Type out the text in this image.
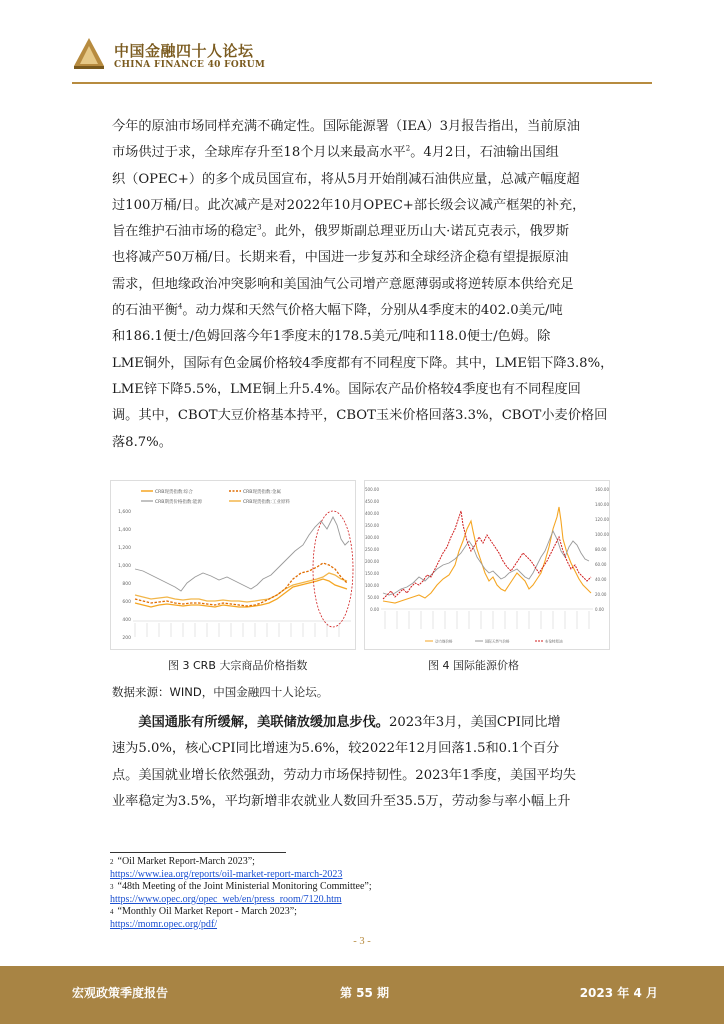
中国金融四十人论坛
CHINA FINANCE 40 FORUM

今年的原油市场同样充满不确定性。国际能源署（IEA）3月报告指出，当前原油

市场供过于求，全球库存升至18个月以来最高水平$^2$。4月2日，石油输出国组

织（OPEC+）的多个成员国宣布，将从5月开始削减石油供应量，总减产幅度超

过100万桶/日。此次减产是对2022年10月OPEC+部长级会议减产框架的补充，

旨在维护石油市场的稳定$^3$。此外，俄罗斯副总理亚历山大·诺瓦克表示，俄罗斯

也将减产50万桶/日。长期来看，中国进一步复苏和全球经济企稳有望提振原油

需求，但地缘政治冲突影响和美国油气公司增产意愿薄弱或将逆转原本供给充足

的石油平衡$^4$。动力煤和天然气价格大幅下降，分别从4季度末的402.0美元/吨

和186.1便士/色姆回落今年1季度末的178.5美元/吨和118.0便士/色姆。除

LME铜外，国际有色金属价格较4季度都有不同程度下降。其中，LME铝下降3.8%，

LME锌下降5.5%，LME铜上升5.4%。国际农产品价格较4季度也有不同程度回

调。其中，CBOT大豆价格基本持平，CBOT玉米价格回落3.3%，CBOT小麦价格回

落8.7%。

CRB现货指数:综合	CRB现货指数:金属
CRB期货价格指数:能源	CRB现货指数:工业原料
1,600
1,400
1,200
1,000
800
600
400
200
500.00
450.00
400.00
350.00
300.00
250.00
200.00
150.00
100.00
50.00
0.00
160.00
140.00
120.00
100.00
80.00
60.00
40.00
20.00
0.00
动力煤价格	国际天然气价格	布伦特原油
图 3 CRB 大宗商品价格指数	图 4 国际能源价格
数据来源：WIND，中国金融四十人论坛。

美国通胀有所缓解，美联储放缓加息步伐。2023年3月，美国CPI同比增

速为5.0%，核心CPI同比增速为5.6%，较2022年12月回落1.5和0.1个百分

点。美国就业增长依然强劲，劳动力市场保持韧性。2023年1季度，美国平均失

业率稳定为3.5%，平均新增非农就业人数回升至35.5万，劳动参与率小幅上升

$^2$ “Oil Market Report-March 2023”;
https://www.iea.org/reports/oil-market-report-march-2023
$^3$ “48th Meeting of the Joint Ministerial Monitoring Committee”;
https://www.opec.org/opec_web/en/press_room/7120.htm
$^4$ “Monthly Oil Market Report - March 2023”;
https://momr.opec.org/pdf/
- 3 -
宏观政策季度报告	第 55 期	2023 年 4 月
